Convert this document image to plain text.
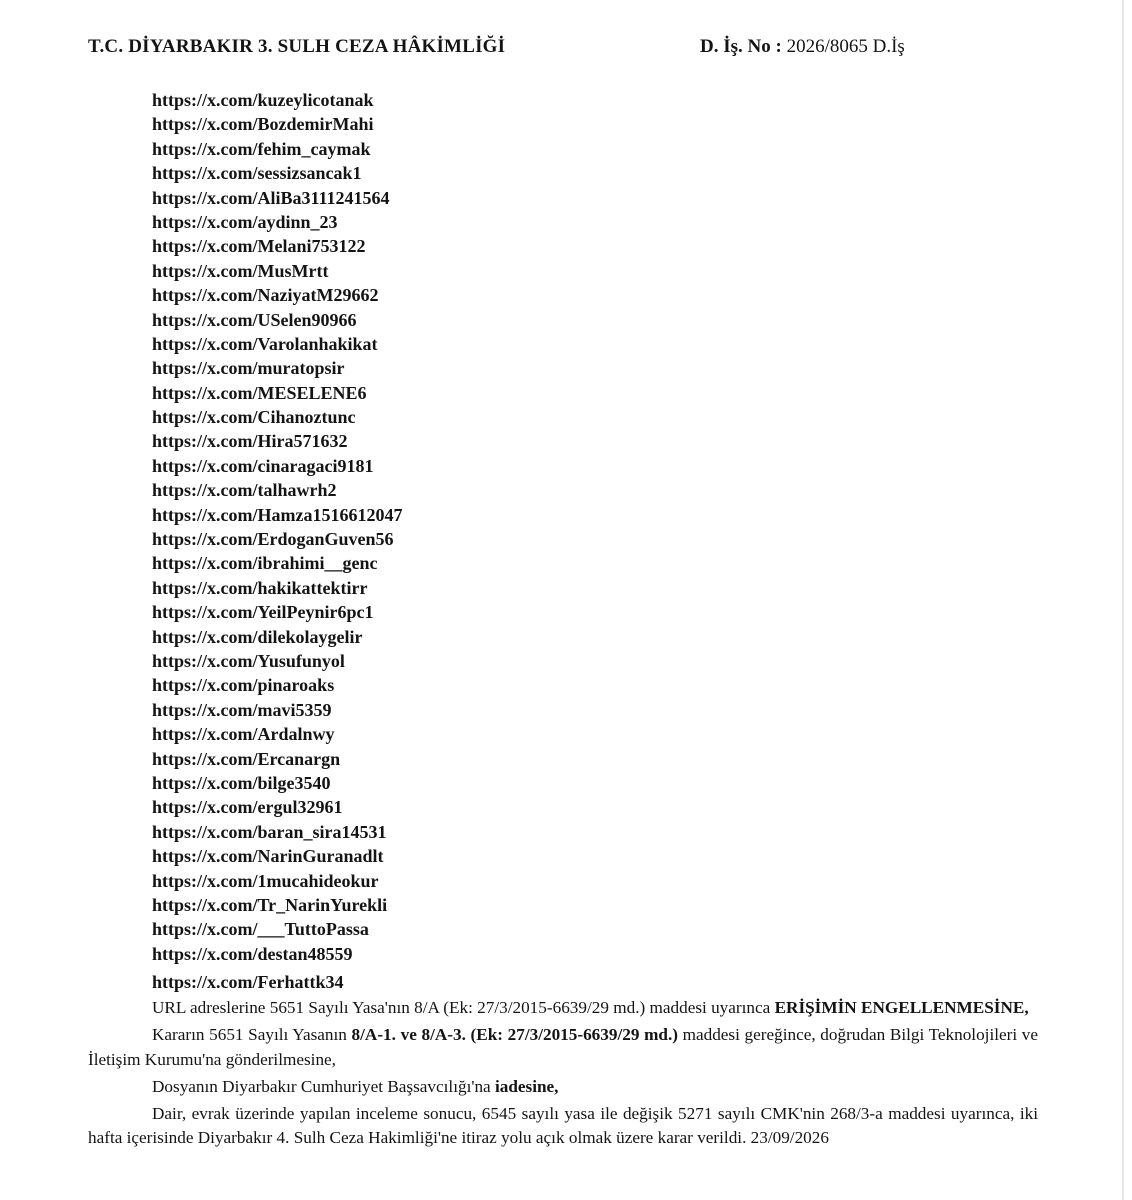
T.C. DİYARBAKIR 3. SULH CEZA HÂKİMLİĞİ	D. İş. No : 2026/8065 D.İş
https://x.com/kuzeylicotanak
https://x.com/BozdemirMahi
https://x.com/fehim_caymak
https://x.com/sessizsancak1
https://x.com/AliBa3111241564
https://x.com/aydinn_23
https://x.com/Melani753122
https://x.com/MusMrtt
https://x.com/NaziyatM29662
https://x.com/USelen90966
https://x.com/Varolanhakikat
https://x.com/muratopsir
https://x.com/MESELENE6
https://x.com/Cihanoztunc
https://x.com/Hira571632
https://x.com/cinaragaci9181
https://x.com/talhawrh2
https://x.com/Hamza1516612047
https://x.com/ErdoganGuven56
https://x.com/ibrahimi__genc
https://x.com/hakikattektirr
https://x.com/YeilPeynir6pc1
https://x.com/dilekolaygelir
https://x.com/Yusufunyol
https://x.com/pinaroaks
https://x.com/mavi5359
https://x.com/Ardalnwy
https://x.com/Ercanargn
https://x.com/bilge3540
https://x.com/ergul32961
https://x.com/baran_sira14531
https://x.com/NarinGuranadlt
https://x.com/1mucahideokur
https://x.com/Tr_NarinYurekli
https://x.com/___TuttoPassa
https://x.com/destan48559
https://x.com/Ferhattk34

URL adreslerine 5651 Sayılı Yasa'nın 8/A (Ek: 27/3/2015-6639/29 md.) maddesi uyarınca ERİŞİMİN ENGELLENMESİNE,

Kararın 5651 Sayılı Yasanın 8/A-1. ve 8/A-3. (Ek: 27/3/2015-6639/29 md.) maddesi gereğince, doğrudan Bilgi Teknolojileri ve İletişim Kurumu'na gönderilmesine,

Dosyanın Diyarbakır Cumhuriyet Başsavcılığı'na iadesine,

Dair, evrak üzerinde yapılan inceleme sonucu, 6545 sayılı yasa ile değişik 5271 sayılı CMK'nin 268/3-a maddesi uyarınca, iki hafta içerisinde Diyarbakır 4. Sulh Ceza Hakimliği'ne itiraz yolu açık olmak üzere karar verildi. 23/09/2026
